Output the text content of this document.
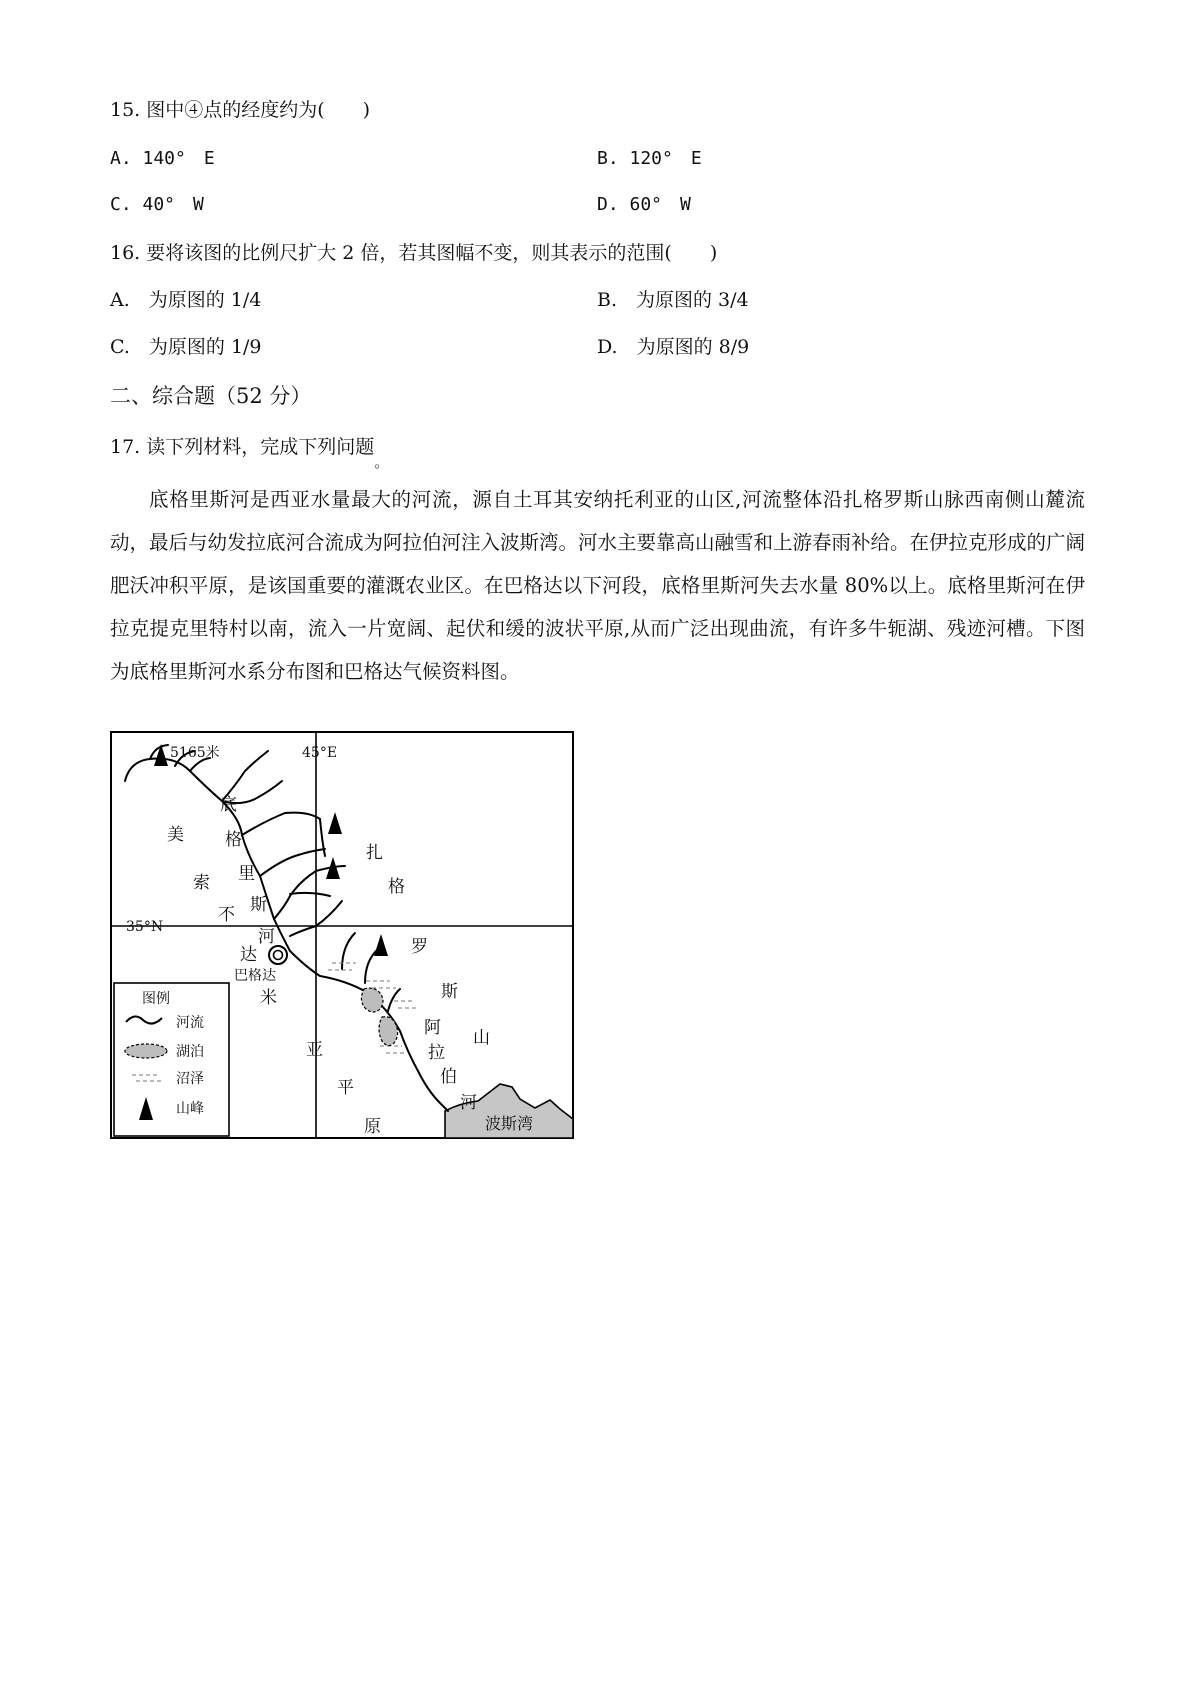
15. 图中④点的经度约为(　　)
A. 140°　E	B. 120°　E
C. 40°　W	D. 60°　W
16. 要将该图的比例尺扩大 2 倍，若其图幅不变，则其表示的范围(　　)
A.　为原图的 1/4	B.　为原图的 3/4
C.　为原图的 1/9	D.　为原图的 8/9
二、综合题（52 分）
17. 读下列材料，完成下列问题$_。$
底格里斯河是西亚水量最大的河流，源自土耳其安纳托利亚的山区,河流整体沿扎格罗斯山脉西南侧山麓流动，最后与幼发拉底河合流成为阿拉伯河注入波斯湾。河水主要靠高山融雪和上游春雨补给。在伊拉克形成的广阔肥沃冲积平原，是该国重要的灌溉农业区。在巴格达以下河段，底格里斯河失去水量 80%以上。底格里斯河在伊拉克提克里特村以南，流入一片宽阔、起伏和缓的波状平原,从而广泛出现曲流，有许多牛轭湖、残迹河槽。下图为底格里斯河水系分布图和巴格达气候资料图。
5165米	45°E
35°N
巴格达
波斯湾
底
格
里
斯
河
美
索
不
达
米
亚
平
原
扎
格
罗
斯
山
阿
拉
伯
河
图例
河流
湖泊
沼泽
山峰
